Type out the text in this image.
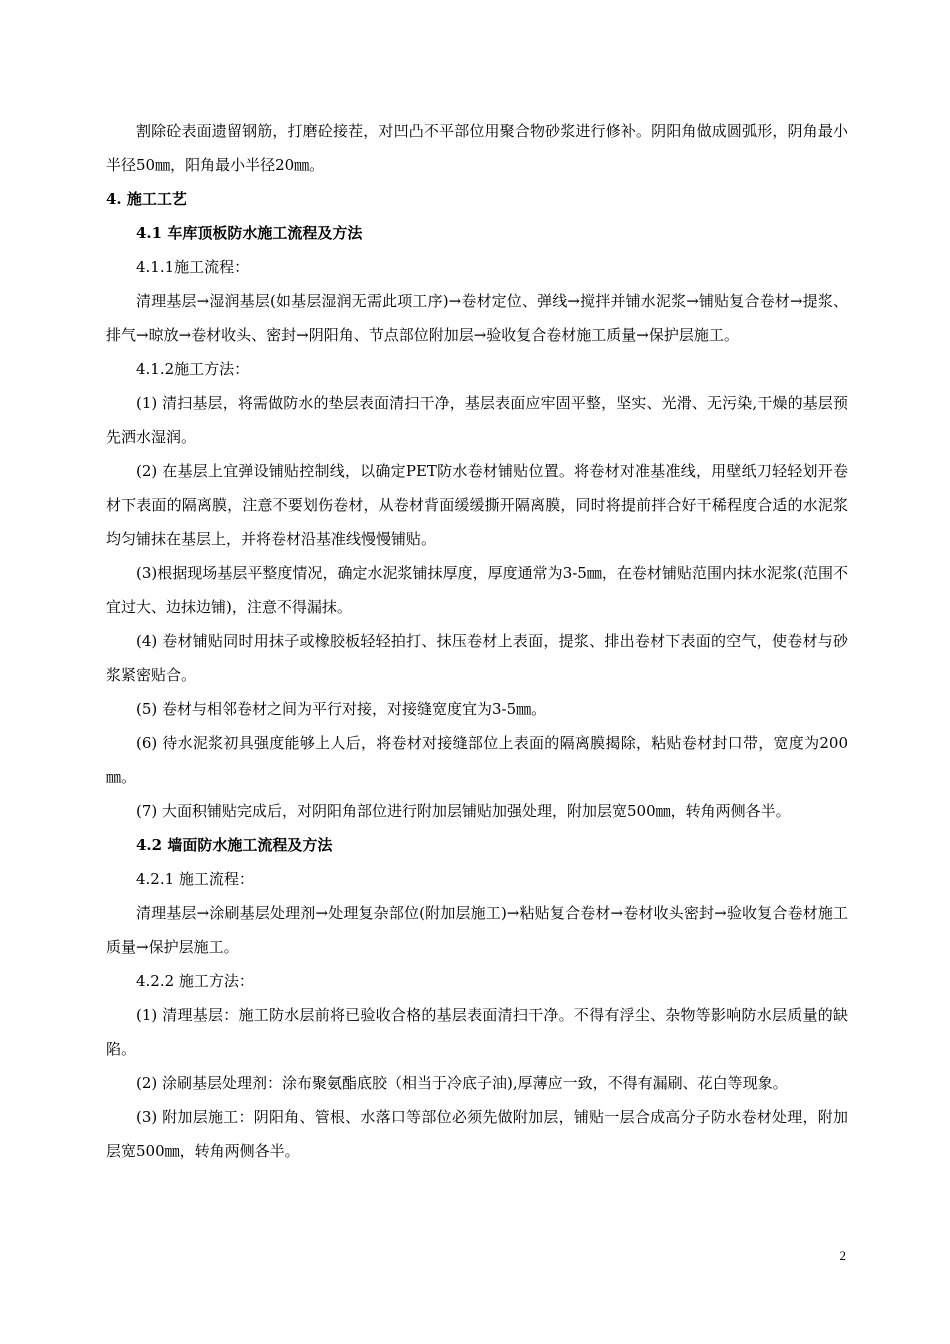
割除砼表面遗留钢筋，打磨砼接茬，对凹凸不平部位用聚合物砂浆进行修补。阴阳角做成圆弧形，阴角最小半径50㎜，阳角最小半径20㎜。

4. 施工工艺

4.1 车库顶板防水施工流程及方法

4.1.1施工流程：

清理基层→湿润基层(如基层湿润无需此项工序)→卷材定位、弹线→搅拌并铺水泥浆→铺贴复合卷材→提浆、排气→晾放→卷材收头、密封→阴阳角、节点部位附加层→验收复合卷材施工质量→保护层施工。

4.1.2施工方法：

(1) 清扫基层，将需做防水的垫层表面清扫干净，基层表面应牢固平整，坚实、光滑、无污染,干燥的基层预先洒水湿润。

(2) 在基层上宜弹设铺贴控制线，以确定PET防水卷材铺贴位置。将卷材对准基准线，用壁纸刀轻轻划开卷材下表面的隔离膜，注意不要划伤卷材，从卷材背面缓缓撕开隔离膜，同时将提前拌合好干稀程度合适的水泥浆均匀铺抹在基层上，并将卷材沿基准线慢慢铺贴。

(3)根据现场基层平整度情况，确定水泥浆铺抹厚度，厚度通常为3-5㎜，在卷材铺贴范围内抹水泥浆(范围不宜过大、边抹边铺)，注意不得漏抹。

(4) 卷材铺贴同时用抹子或橡胶板轻轻拍打、抹压卷材上表面，提浆、排出卷材下表面的空气，使卷材与砂浆紧密贴合。

(5) 卷材与相邻卷材之间为平行对接，对接缝宽度宜为3-5㎜。

(6) 待水泥浆初具强度能够上人后，将卷材对接缝部位上表面的隔离膜揭除，粘贴卷材封口带，宽度为200㎜。

(7) 大面积铺贴完成后，对阴阳角部位进行附加层铺贴加强处理，附加层宽500㎜，转角两侧各半。

4.2 墙面防水施工流程及方法

4.2.1 施工流程：

清理基层→涂刷基层处理剂→处理复杂部位(附加层施工)→粘贴复合卷材→卷材收头密封→验收复合卷材施工质量→保护层施工。

4.2.2 施工方法：

(1) 清理基层：施工防水层前将已验收合格的基层表面清扫干净。不得有浮尘、杂物等影响防水层质量的缺陷。

(2) 涂刷基层处理剂：涂布聚氨酯底胶（相当于冷底子油),厚薄应一致，不得有漏刷、花白等现象。

(3) 附加层施工：阴阳角、管根、水落口等部位必须先做附加层，铺贴一层合成高分子防水卷材处理，附加层宽500㎜，转角两侧各半。

2
